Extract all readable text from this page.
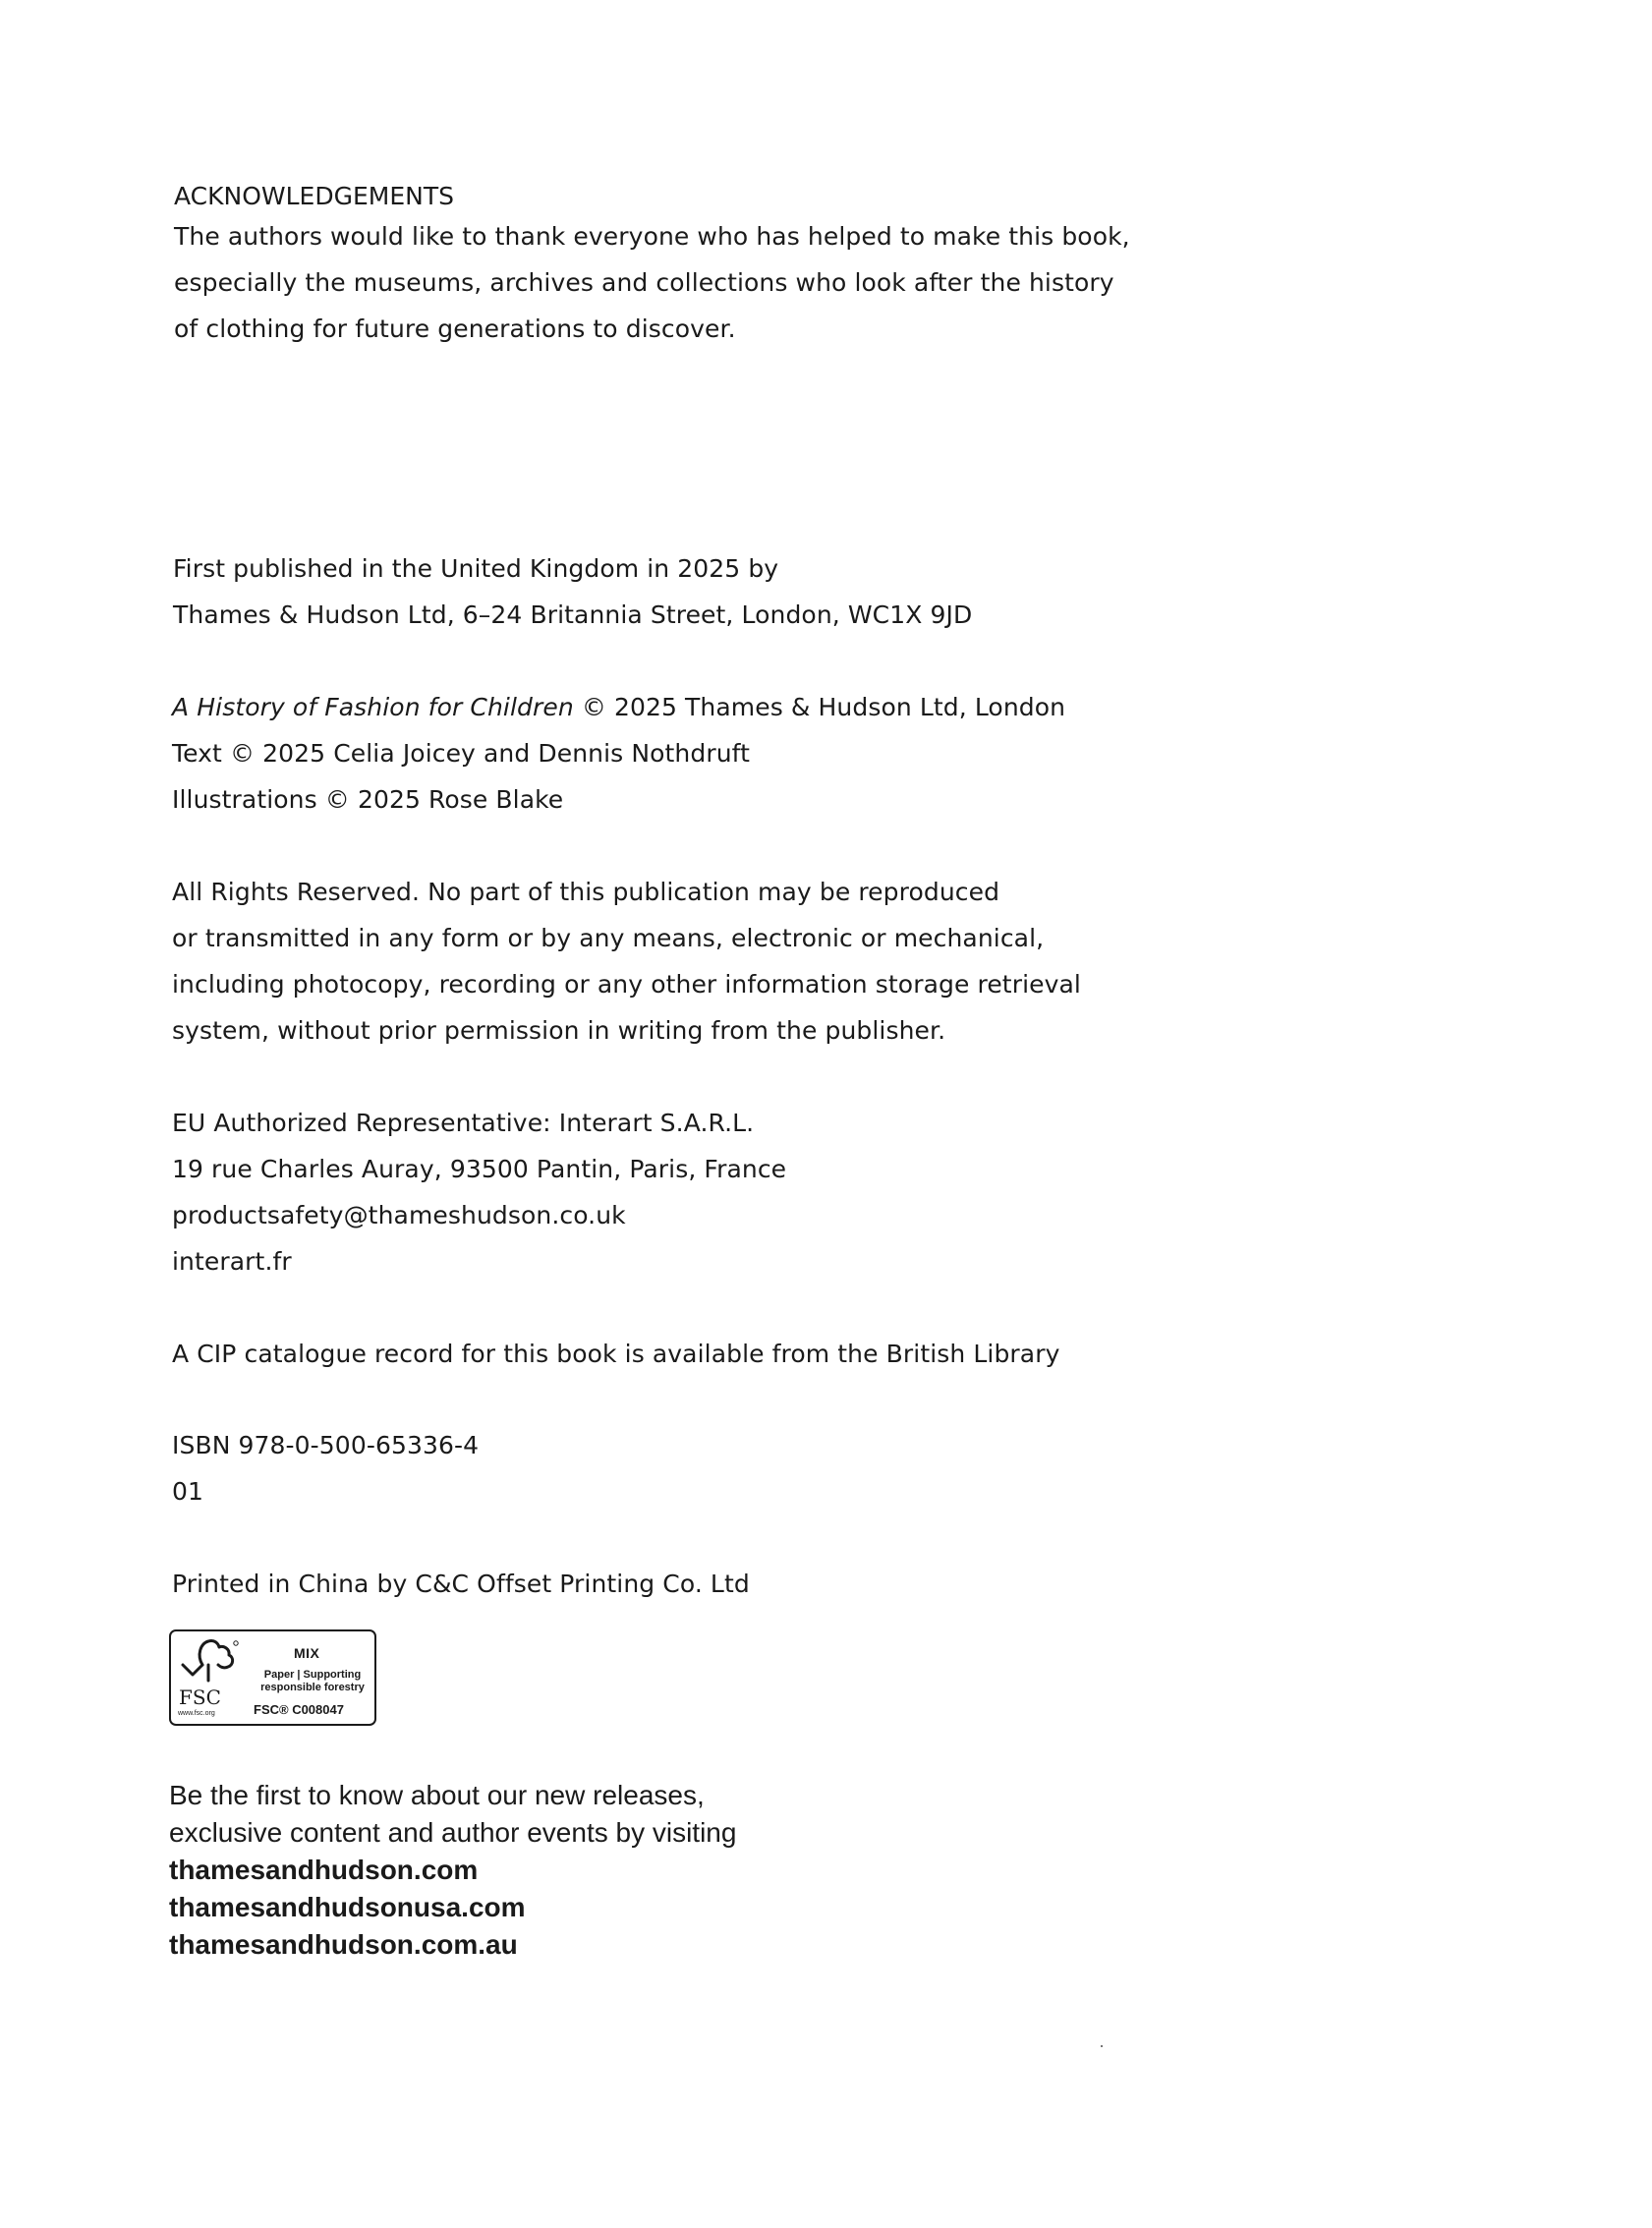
ACKNOWLEDGEMENTS
The authors would like to thank everyone who has helped to make this book,
especially the museums, archives and collections who look after the history
of clothing for future generations to discover.
First published in the United Kingdom in 2025 by
Thames & Hudson Ltd, 6–24 Britannia Street, London, WC1X 9JD
A History of Fashion for Children © 2025 Thames & Hudson Ltd, London
Text © 2025 Celia Joicey and Dennis Nothdruft
Illustrations © 2025 Rose Blake
All Rights Reserved. No part of this publication may be reproduced
or transmitted in any form or by any means, electronic or mechanical,
including photocopy, recording or any other information storage retrieval
system, without prior permission in writing from the publisher.
EU Authorized Representative: Interart S.A.R.L.
19 rue Charles Auray, 93500 Pantin, Paris, France
productsafety@thameshudson.co.uk
interart.fr
A CIP catalogue record for this book is available from the British Library
ISBN 978-0-500-65336-4
01
Printed in China by C&C Offset Printing Co. Ltd
FSC
www.fsc.org
MIX
Paper | Supporting
responsible forestry
FSC® C008047
Be the first to know about our new releases,
exclusive content and author events by visiting
thamesandhudson.com
thamesandhudsonusa.com
thamesandhudson.com.au
